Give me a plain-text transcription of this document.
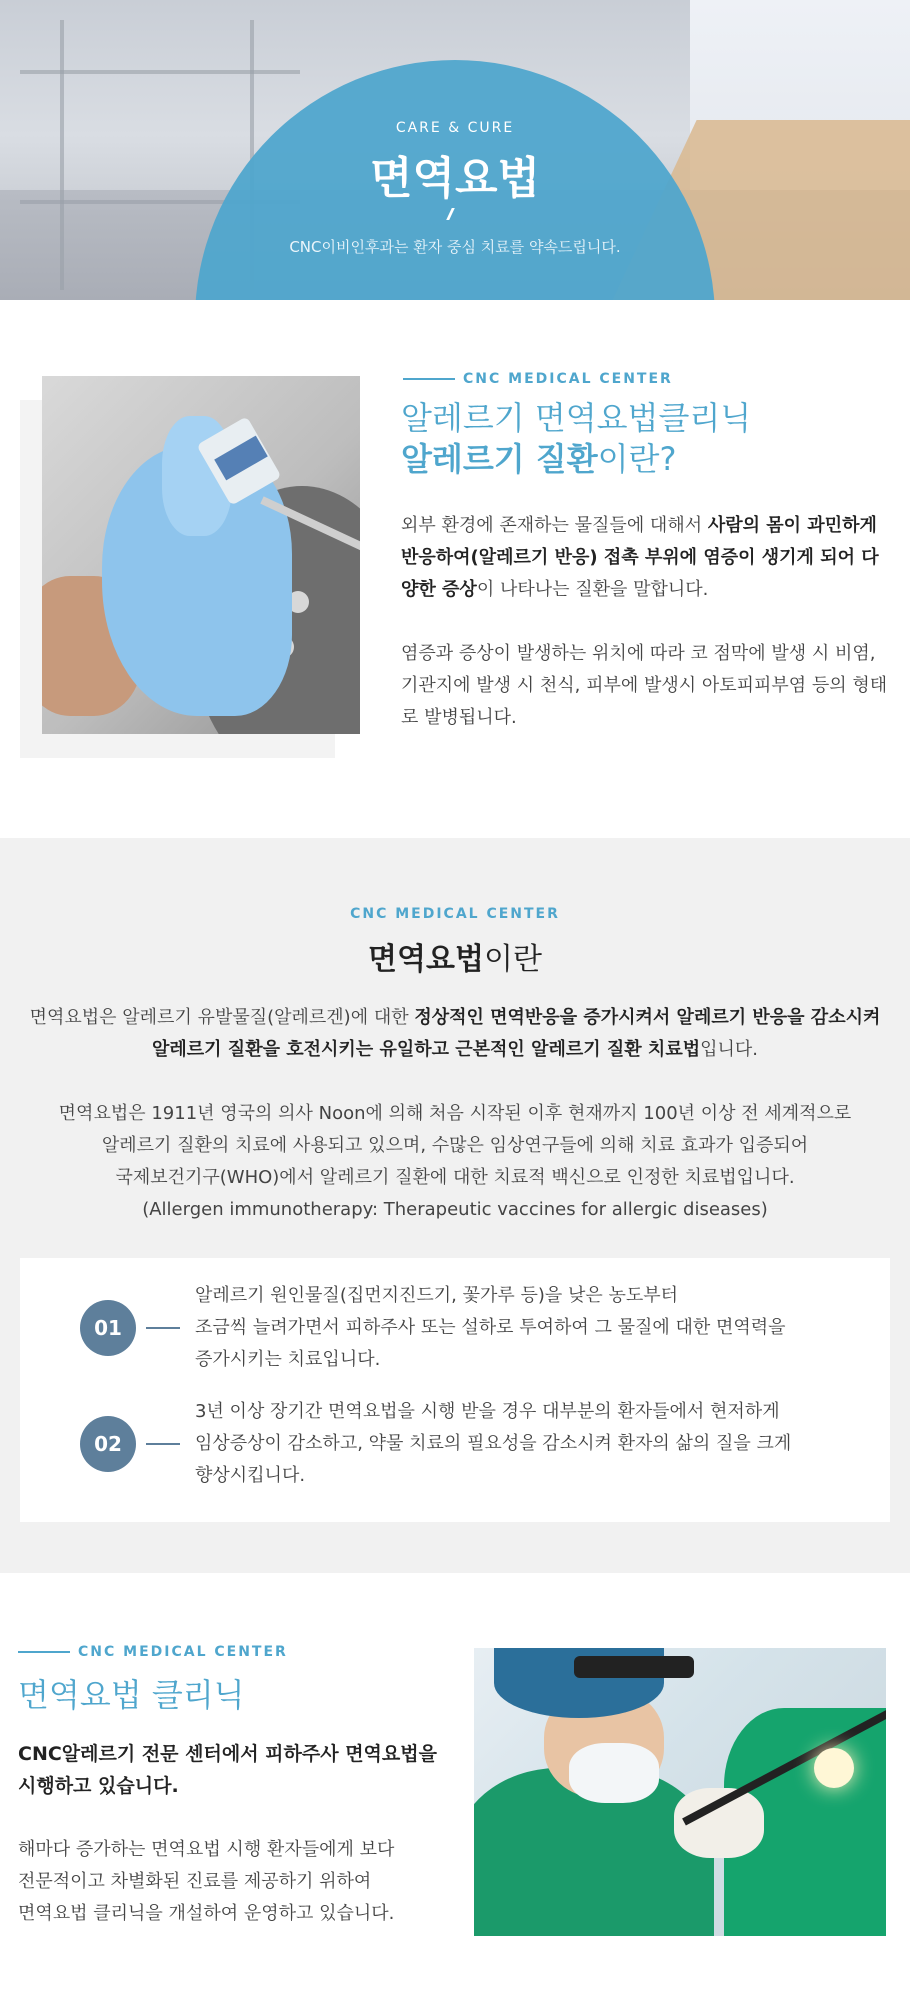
CARE & CURE
면역요법
CNC이비인후과는 환자 중심 치료를 약속드립니다.
CNC MEDICAL CENTER
알레르기 면역요법클리닉
알레르기 질환이란?

외부 환경에 존재하는 물질들에 대해서 사람의 몸이 과민하게 반응하여(알레르기 반응) 접촉 부위에 염증이 생기게 되어 다양한 증상이 나타나는 질환을 말합니다.

염증과 증상이 발생하는 위치에 따라 코 점막에 발생 시 비염, 기관지에 발생 시 천식, 피부에 발생시 아토피피부염 등의 형태로 발병됩니다.

CNC MEDICAL CENTER
면역요법이란

면역요법은 알레르기 유발물질(알레르겐)에 대한 정상적인 면역반응을 증가시켜서 알레르기 반응을 감소시켜 알레르기 질환을 호전시키는 유일하고 근본적인 알레르기 질환 치료법입니다.

면역요법은 1911년 영국의 의사 Noon에 의해 처음 시작된 이후 현재까지 100년 이상 전 세계적으로
알레르기 질환의 치료에 사용되고 있으며, 수많은 임상연구들에 의해 치료 효과가 입증되어
국제보건기구(WHO)에서 알레르기 질환에 대한 치료적 백신으로 인정한 치료법입니다.
(Allergen immunotherapy: Therapeutic vaccines for allergic diseases)
01
알레르기 원인물질(집먼지진드기, 꽃가루 등)을 낮은 농도부터
조금씩 늘려가면서 피하주사 또는 설하로 투여하여 그 물질에 대한 면역력을
증가시키는 치료입니다.
02
3년 이상 장기간 면역요법을 시행 받을 경우 대부분의 환자들에서 현저하게
임상증상이 감소하고, 약물 치료의 필요성을 감소시켜 환자의 삶의 질을 크게
향상시킵니다.
CNC MEDICAL CENTER
면역요법 클리닉
CNC알레르기 전문 센터에서 피하주사 면역요법을
시행하고 있습니다.
해마다 증가하는 면역요법 시행 환자들에게 보다
전문적이고 차별화된 진료를 제공하기 위하여
면역요법 클리닉을 개설하여 운영하고 있습니다.
